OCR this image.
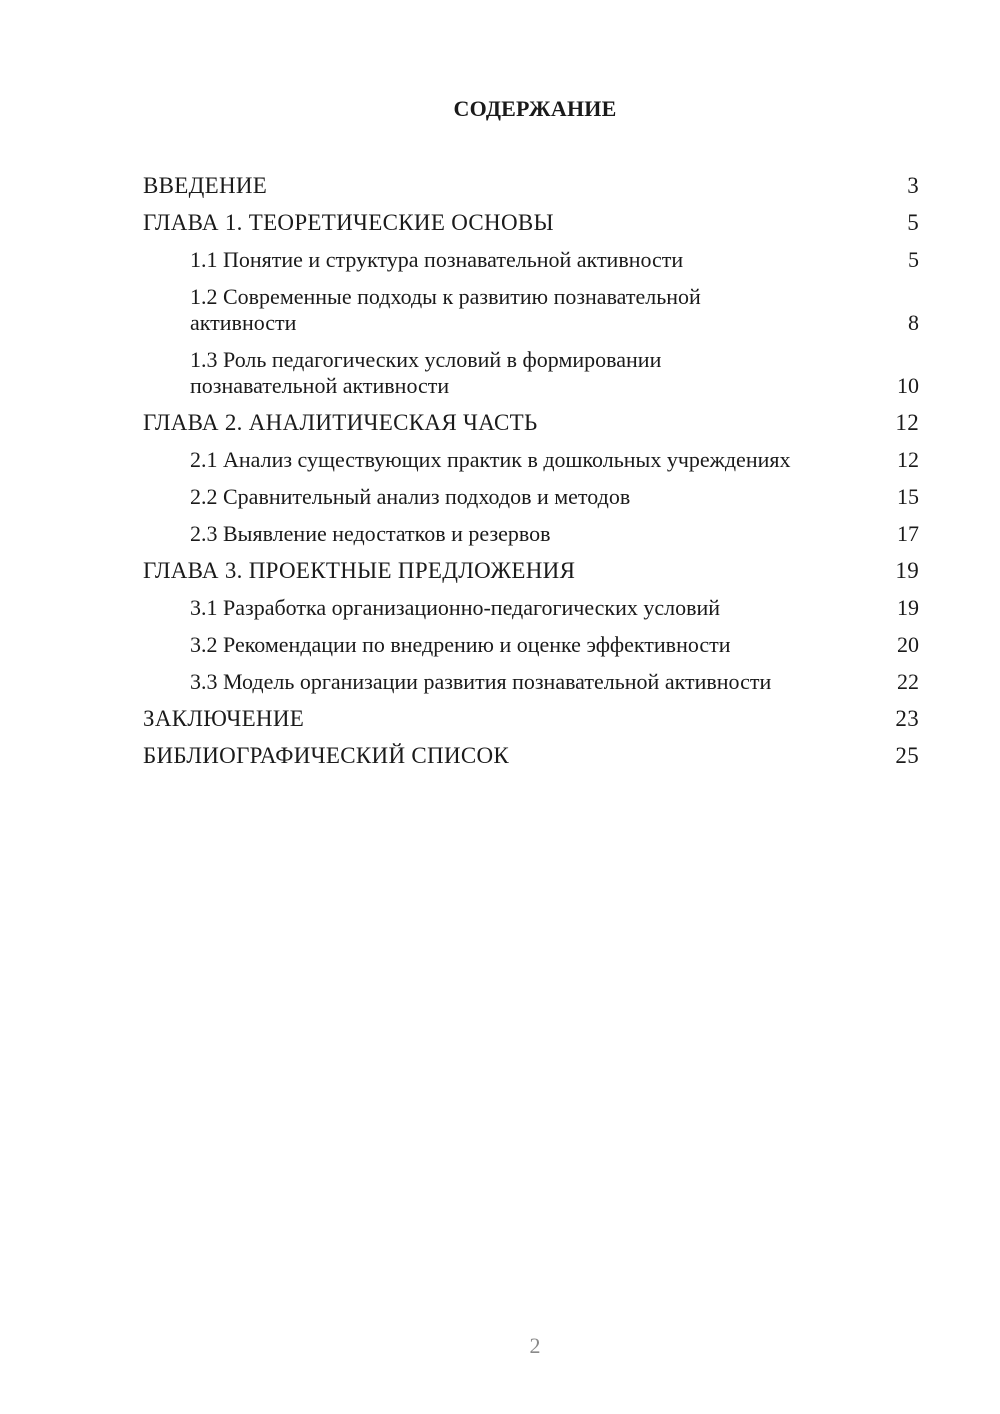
СОДЕРЖАНИЕ
ВВЕДЕНИЕ	3
ГЛАВА 1. ТЕОРЕТИЧЕСКИЕ ОСНОВЫ	5
1.1 Понятие и структура познавательной активности	5
1.2 Современные подходы к развитию познавательной активности	8
1.3 Роль педагогических условий в формировании познавательной активности	10
ГЛАВА 2. АНАЛИТИЧЕСКАЯ ЧАСТЬ	12
2.1 Анализ существующих практик в дошкольных учреждениях	12
2.2 Сравнительный анализ подходов и методов	15
2.3 Выявление недостатков и резервов	17
ГЛАВА 3. ПРОЕКТНЫЕ ПРЕДЛОЖЕНИЯ	19
3.1 Разработка организационно-педагогических условий	19
3.2 Рекомендации по внедрению и оценке эффективности	20
3.3 Модель организации развития познавательной активности	22
ЗАКЛЮЧЕНИЕ	23
БИБЛИОГРАФИЧЕСКИЙ СПИСОК	25
2
